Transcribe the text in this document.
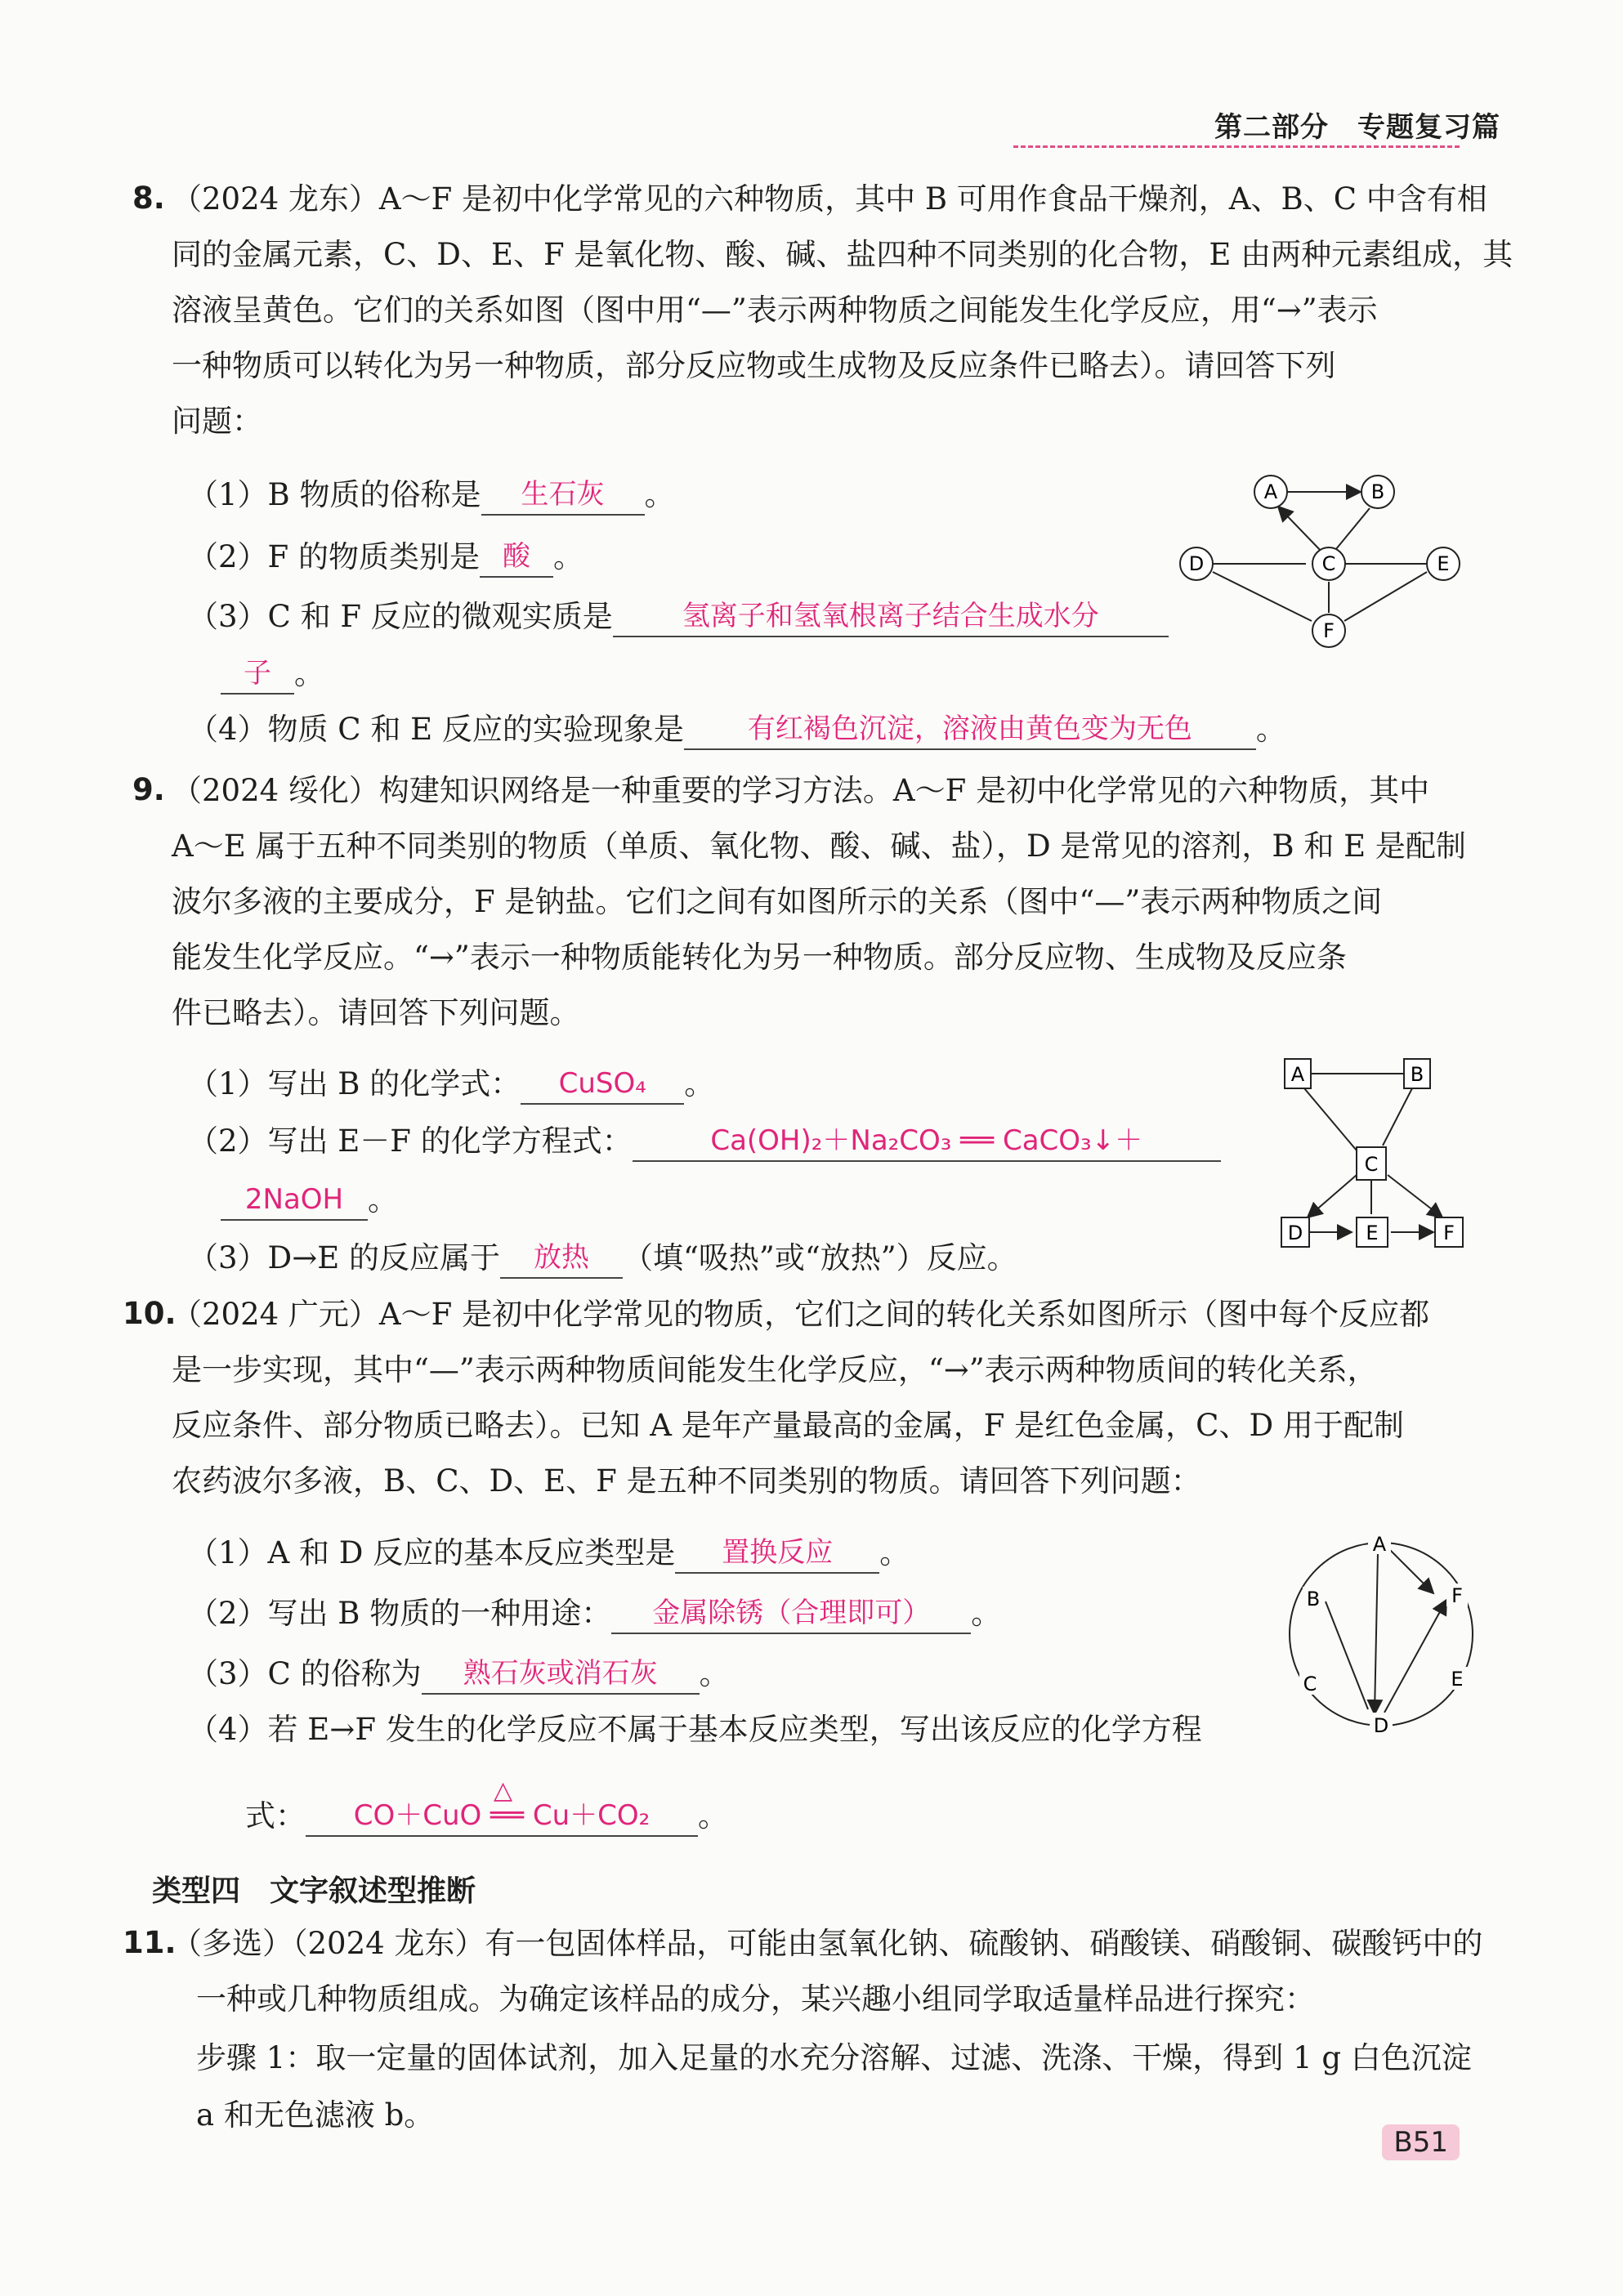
第二部分　专题复习篇
8. （2024 龙东）A～F 是初中化学常见的六种物质，其中 B 可用作食品干燥剂，A、B、C 中含有相
同的金属元素，C、D、E、F 是氧化物、酸、碱、盐四种不同类别的化合物，E 由两种元素组成，其
溶液呈黄色。它们的关系如图（图中用“—”表示两种物质之间能发生化学反应，用“→”表示
一种物质可以转化为另一种物质，部分反应物或生成物及反应条件已略去）。请回答下列
问题：
（1）B 物质的俗称是 生石灰 。
（2）F 的物质类别是 酸 。
（3）C 和 F 反应的微观实质是	氢离子和氢氧根离子结合生成水分
子 。
（4）物质 C 和 E 反应的实验现象是 有红褐色沉淀，溶液由黄色变为无色 。
A	B
C
D	E
F
9. （2024 绥化）构建知识网络是一种重要的学习方法。A～F 是初中化学常见的六种物质，其中
A～E 属于五种不同类别的物质（单质、氧化物、酸、碱、盐），D 是常见的溶剂，B 和 E 是配制
波尔多液的主要成分，F 是钠盐。它们之间有如图所示的关系（图中“—”表示两种物质之间
能发生化学反应。“→”表示一种物质能转化为另一种物质。部分反应物、生成物及反应条
件已略去）。请回答下列问题。
（1）写出 B 的化学式： CuSO₄ 。
（2）写出 E－F 的化学方程式：	Ca(OH)₂＋Na₂CO₃ ══ CaCO₃↓＋
2NaOH 。
（3）D→E 的反应属于 放热 （填“吸热”或“放热”）反应。
A	B
C
D	E	F
10.
（2024 广元）A～F 是初中化学常见的物质，它们之间的转化关系如图所示（图中每个反应都
是一步实现，其中“—”表示两种物质间能发生化学反应，“→”表示两种物质间的转化关系，
反应条件、部分物质已略去）。已知 A 是年产量最高的金属，F 是红色金属，C、D 用于配制
农药波尔多液，B、C、D、E、F 是五种不同类别的物质。请回答下列问题：
（1）A 和 D 反应的基本反应类型是 置换反应 。
（2）写出 B 物质的一种用途： 金属除锈（合理即可） 。
（3）C 的俗称为 熟石灰或消石灰 。
（4）若 E→F 发生的化学反应不属于基本反应类型，写出该反应的化学方程
式：
△
CO＋CuO ══ Cu＋CO₂ 。
A
B
C
D
E
F
类型四　文字叙述型推断
11.
（多选）（2024 龙东）有一包固体样品，可能由氢氧化钠、硫酸钠、硝酸镁、硝酸铜、碳酸钙中的
一种或几种物质组成。为确定该样品的成分，某兴趣小组同学取适量样品进行探究：
步骤 1：取一定量的固体试剂，加入足量的水充分溶解、过滤、洗涤、干燥，得到 1 g 白色沉淀
a 和无色滤液 b。
B51
